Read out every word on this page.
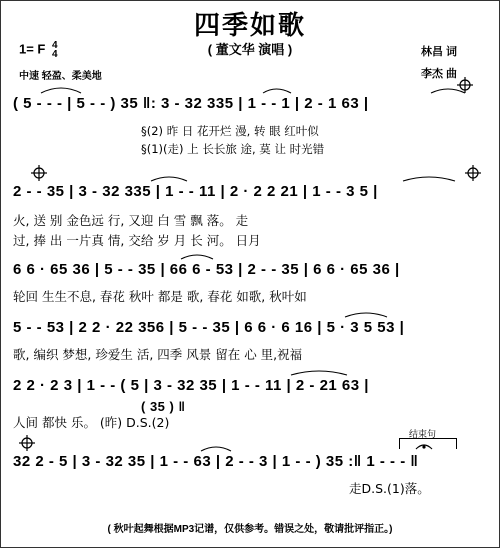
四季如歌
( 董文华 演唱 )
1= F 4
4
中速 轻盈、柔美地
林昌 词
李杰 曲
( 5 - - - | 5 - - ) 35 ‖: 3 - 32 335 | 1 - - 1 | 2 - 1 63 |
§(2) 昨 日 花开烂 漫, 转 眼 红叶似
§(1)(走) 上 长长旅 途, 莫 让 时光错
2 - - 35 | 3 - 32 335 | 1 - - 11 | 2 · 2 2 21 | 1 - - 3 5 |
火, 送 别 金色远 行, 又迎 白 雪 飘 落。 走
过, 捧 出 一片真 情, 交给 岁 月 长 河。 日月
6 6 · 65 36 | 5 - - 35 | 66 6 - 53 | 2 - - 35 | 6 6 · 65 36 |
轮回 生生不息, 春花 秋叶 都是 歌, 春花 如歌, 秋叶如
5 - - 53 | 2 2 · 22 356 | 5 - - 35 | 6 6 · 6 16 | 5 · 3 5 53 |
歌, 编织 梦想, 珍爱生 活, 四季 风景 留在 心 里,祝福
2 2 · 2 3 | 1 - - ( 5 | 3 - 32 35 | 1 - - 11 | 2 - 21 63 |
( 35 ) ‖
人间 都快 乐。 (昨) D.S.(2)
结束句
32 2 - 5 | 3 - 32 35 | 1 - - 63 | 2 - - 3 | 1 - - ) 35 :‖ 1 - - - ‖
走D.S.(1)落。
( 秋叶起舞根据MP3记谱，仅供参考。错误之处，敬请批评指正。)
